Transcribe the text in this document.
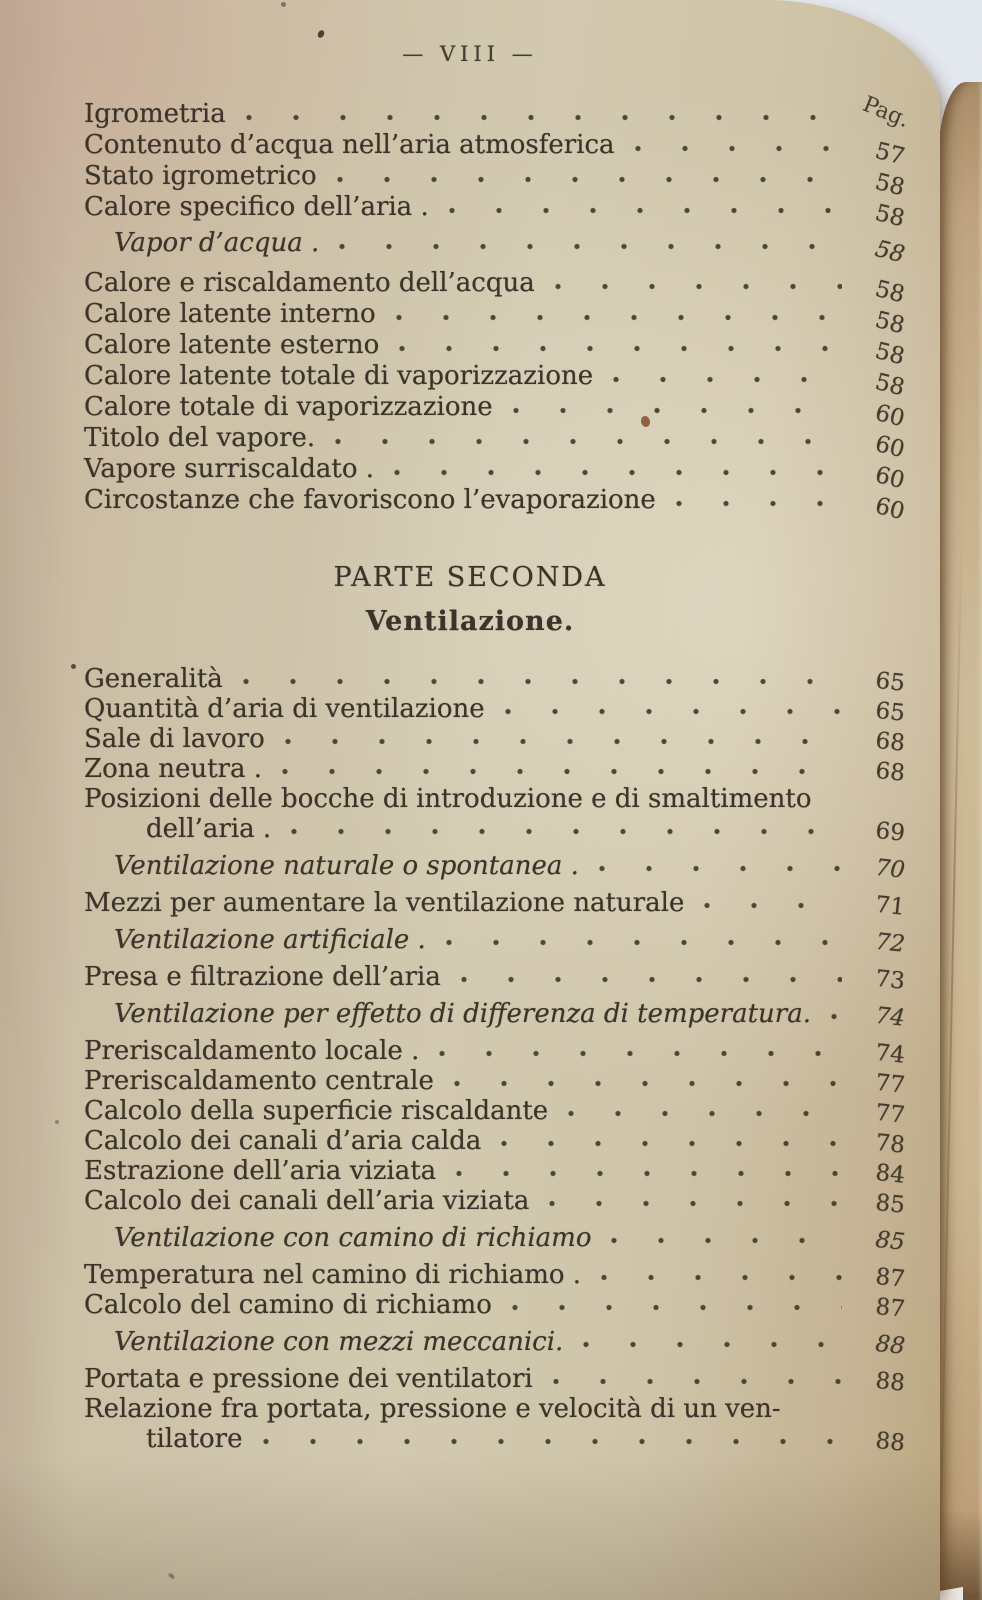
— VIII —
Pag.
Igrometria
Contenuto d’acqua nell’aria atmosferica	57
Stato igrometrico	58
Calore specifico dell’aria .	58
Vapor d’acqua .	58
Calore e riscaldamento dell’acqua	58
Calore latente interno	58
Calore latente esterno	58
Calore latente totale di vaporizzazione	58
Calore totale di vaporizzazione	60
Titolo del vapore.	60
Vapore surriscaldato .	60
Circostanze che favoriscono l’evaporazione	60
PARTE SECONDA
Ventilazione.
Generalità	65
Quantità d’aria di ventilazione	65
Sale di lavoro	68
Zona neutra .	68
Posizioni delle bocche di introduzione e di smaltimento
dell’aria .	69
Ventilazione naturale o spontanea .	70
Mezzi per aumentare la ventilazione naturale	71
Ventilazione artificiale .	72
Presa e filtrazione dell’aria	73
Ventilazione per effetto di differenza di temperatura.	74
Preriscaldamento locale .	74
Preriscaldamento centrale	77
Calcolo della superficie riscaldante	77
Calcolo dei canali d’aria calda	78
Estrazione dell’aria viziata	84
Calcolo dei canali dell’aria viziata	85
Ventilazione con camino di richiamo	85
Temperatura nel camino di richiamo .	87
Calcolo del camino di richiamo	87
Ventilazione con mezzi meccanici.	88
Portata e pressione dei ventilatori	88
Relazione fra portata, pressione e velocità di un ven-
tilatore	88
